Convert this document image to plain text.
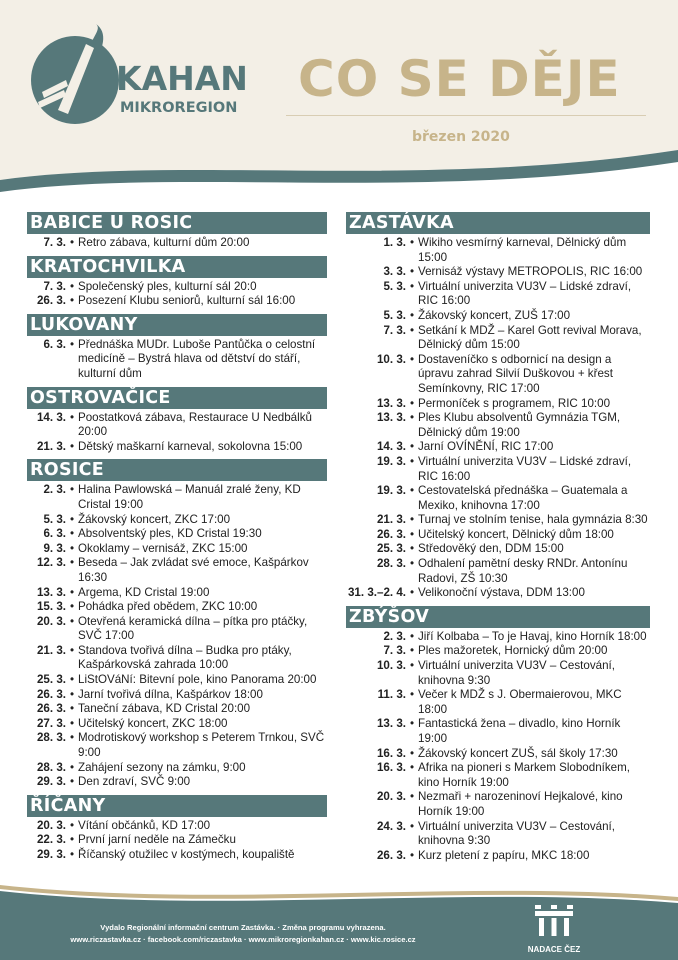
KAHAN
MIKROREGION CO SE DĚJE
březen 2020
BABICE U ROSIC
7. 3. • Retro zábava, kulturní dům 20:00
KRATOCHVILKA
7. 3. • Společenský ples, kulturní sál 20:0
26. 3. • Posezení Klubu seniorů, kulturní sál 16:00
LUKOVANY
6. 3. • Přednáška MUDr. Luboše Pantůčka o celostní medicíně – Bystrá hlava od dětství do stáří, kulturní dům
OSTROVAČICE
14. 3. • Poostatková zábava, Restaurace U Nedbálků 20:00
21. 3. • Dětský maškarní karneval, sokolovna 15:00
ROSICE
2. 3. • Halina Pawlowská – Manuál zralé ženy, KD Cristal 19:00
5. 3. • Žákovský koncert, ZKC 17:00
6. 3. • Absolventský ples, KD Cristal 19:30
9. 3. • Okoklamy – vernisáž, ZKC 15:00
12. 3. • Beseda – Jak zvládat své emoce, Kašpárkov 16:30
13. 3. • Argema, KD Cristal 19:00
15. 3. • Pohádka před obědem, ZKC 10:00
20. 3. • Otevřená keramická dílna – pítka pro ptáčky, SVČ 17:00
21. 3. • Standova tvořivá dílna – Budka pro ptáky, Kašpárkovská zahrada 10:00
25. 3. • LiStOVáNí: Bitevní pole, kino Panorama 20:00
26. 3. • Jarní tvořivá dílna, Kašpárkov 18:00
26. 3. • Taneční zábava, KD Cristal 20:00
27. 3. • Učitelský koncert, ZKC 18:00
28. 3. • Modrotiskový workshop s Peterem Trnkou, SVČ 9:00
28. 3. • Zahájení sezony na zámku, 9:00
29. 3. • Den zdraví, SVČ 9:00
ŘÍČANY
20. 3. • Vítání občánků, KD 17:00
22. 3. • První jarní neděle na Zámečku
29. 3. • Říčanský otužilec v kostýmech, koupaliště
ZASTÁVKA
1. 3. • Wikiho vesmírný karneval, Dělnický dům 15:00
3. 3. • Vernisáž výstavy METROPOLIS, RIC 16:00
5. 3. • Virtuální univerzita VU3V – Lidské zdraví, RIC 16:00
5. 3. • Žákovský koncert, ZUŠ 17:00
7. 3. • Setkání k MDŽ – Karel Gott revival Morava, Dělnický dům 15:00
10. 3. • Dostaveníčko s odbornicí na design a úpravu zahrad Silvií Duškovou + křest Semínkovny, RIC 17:00
13. 3. • Permoníček s programem, RIC 10:00
13. 3. • Ples Klubu absolventů Gymnázia TGM, Dělnický dům 19:00
14. 3. • Jarní OVÍNĚNÍ, RIC 17:00
19. 3. • Virtuální univerzita VU3V – Lidské zdraví, RIC 16:00
19. 3. • Cestovatelská přednáška – Guatemala a Mexiko, knihovna 17:00
21. 3. • Turnaj ve stolním tenise, hala gymnázia 8:30
26. 3. • Učitelský koncert, Dělnický dům 18:00
25. 3. • Středověký den, DDM 15:00
28. 3. • Odhalení pamětní desky RNDr. Antonínu Radovi, ZŠ 10:30
31. 3.–2. 4. • Velikonoční výstava, DDM 13:00
ZBÝŠOV
2. 3. • Jiří Kolbaba – To je Havaj, kino Horník 18:00
7. 3. • Ples mažoretek, Hornický dům 20:00
10. 3. • Virtuální univerzita VU3V – Cestování, knihovna 9:30
11. 3. • Večer k MDŽ s J. Obermaierovou, MKC 18:00
13. 3. • Fantastická žena – divadlo, kino Horník 19:00
16. 3. • Žákovský koncert ZUŠ, sál školy 17:30
16. 3. • Afrika na pioneri s Markem Slobodníkem, kino Horník 19:00
20. 3. • Nezmaři + narozeninoví Hejkalové, kino Horník 19:00
24. 3. • Virtuální univerzita VU3V – Cestování, knihovna 9:30
26. 3. • Kurz pletení z papíru, MKC 18:00
Vydalo Regionální informační centrum Zastávka. · Změna programu vyhrazena.
www.riczastavka.cz · facebook.com/riczastavka · www.mikroregionkahan.cz · www.kic.rosice.cz
NADACE ČEZ
